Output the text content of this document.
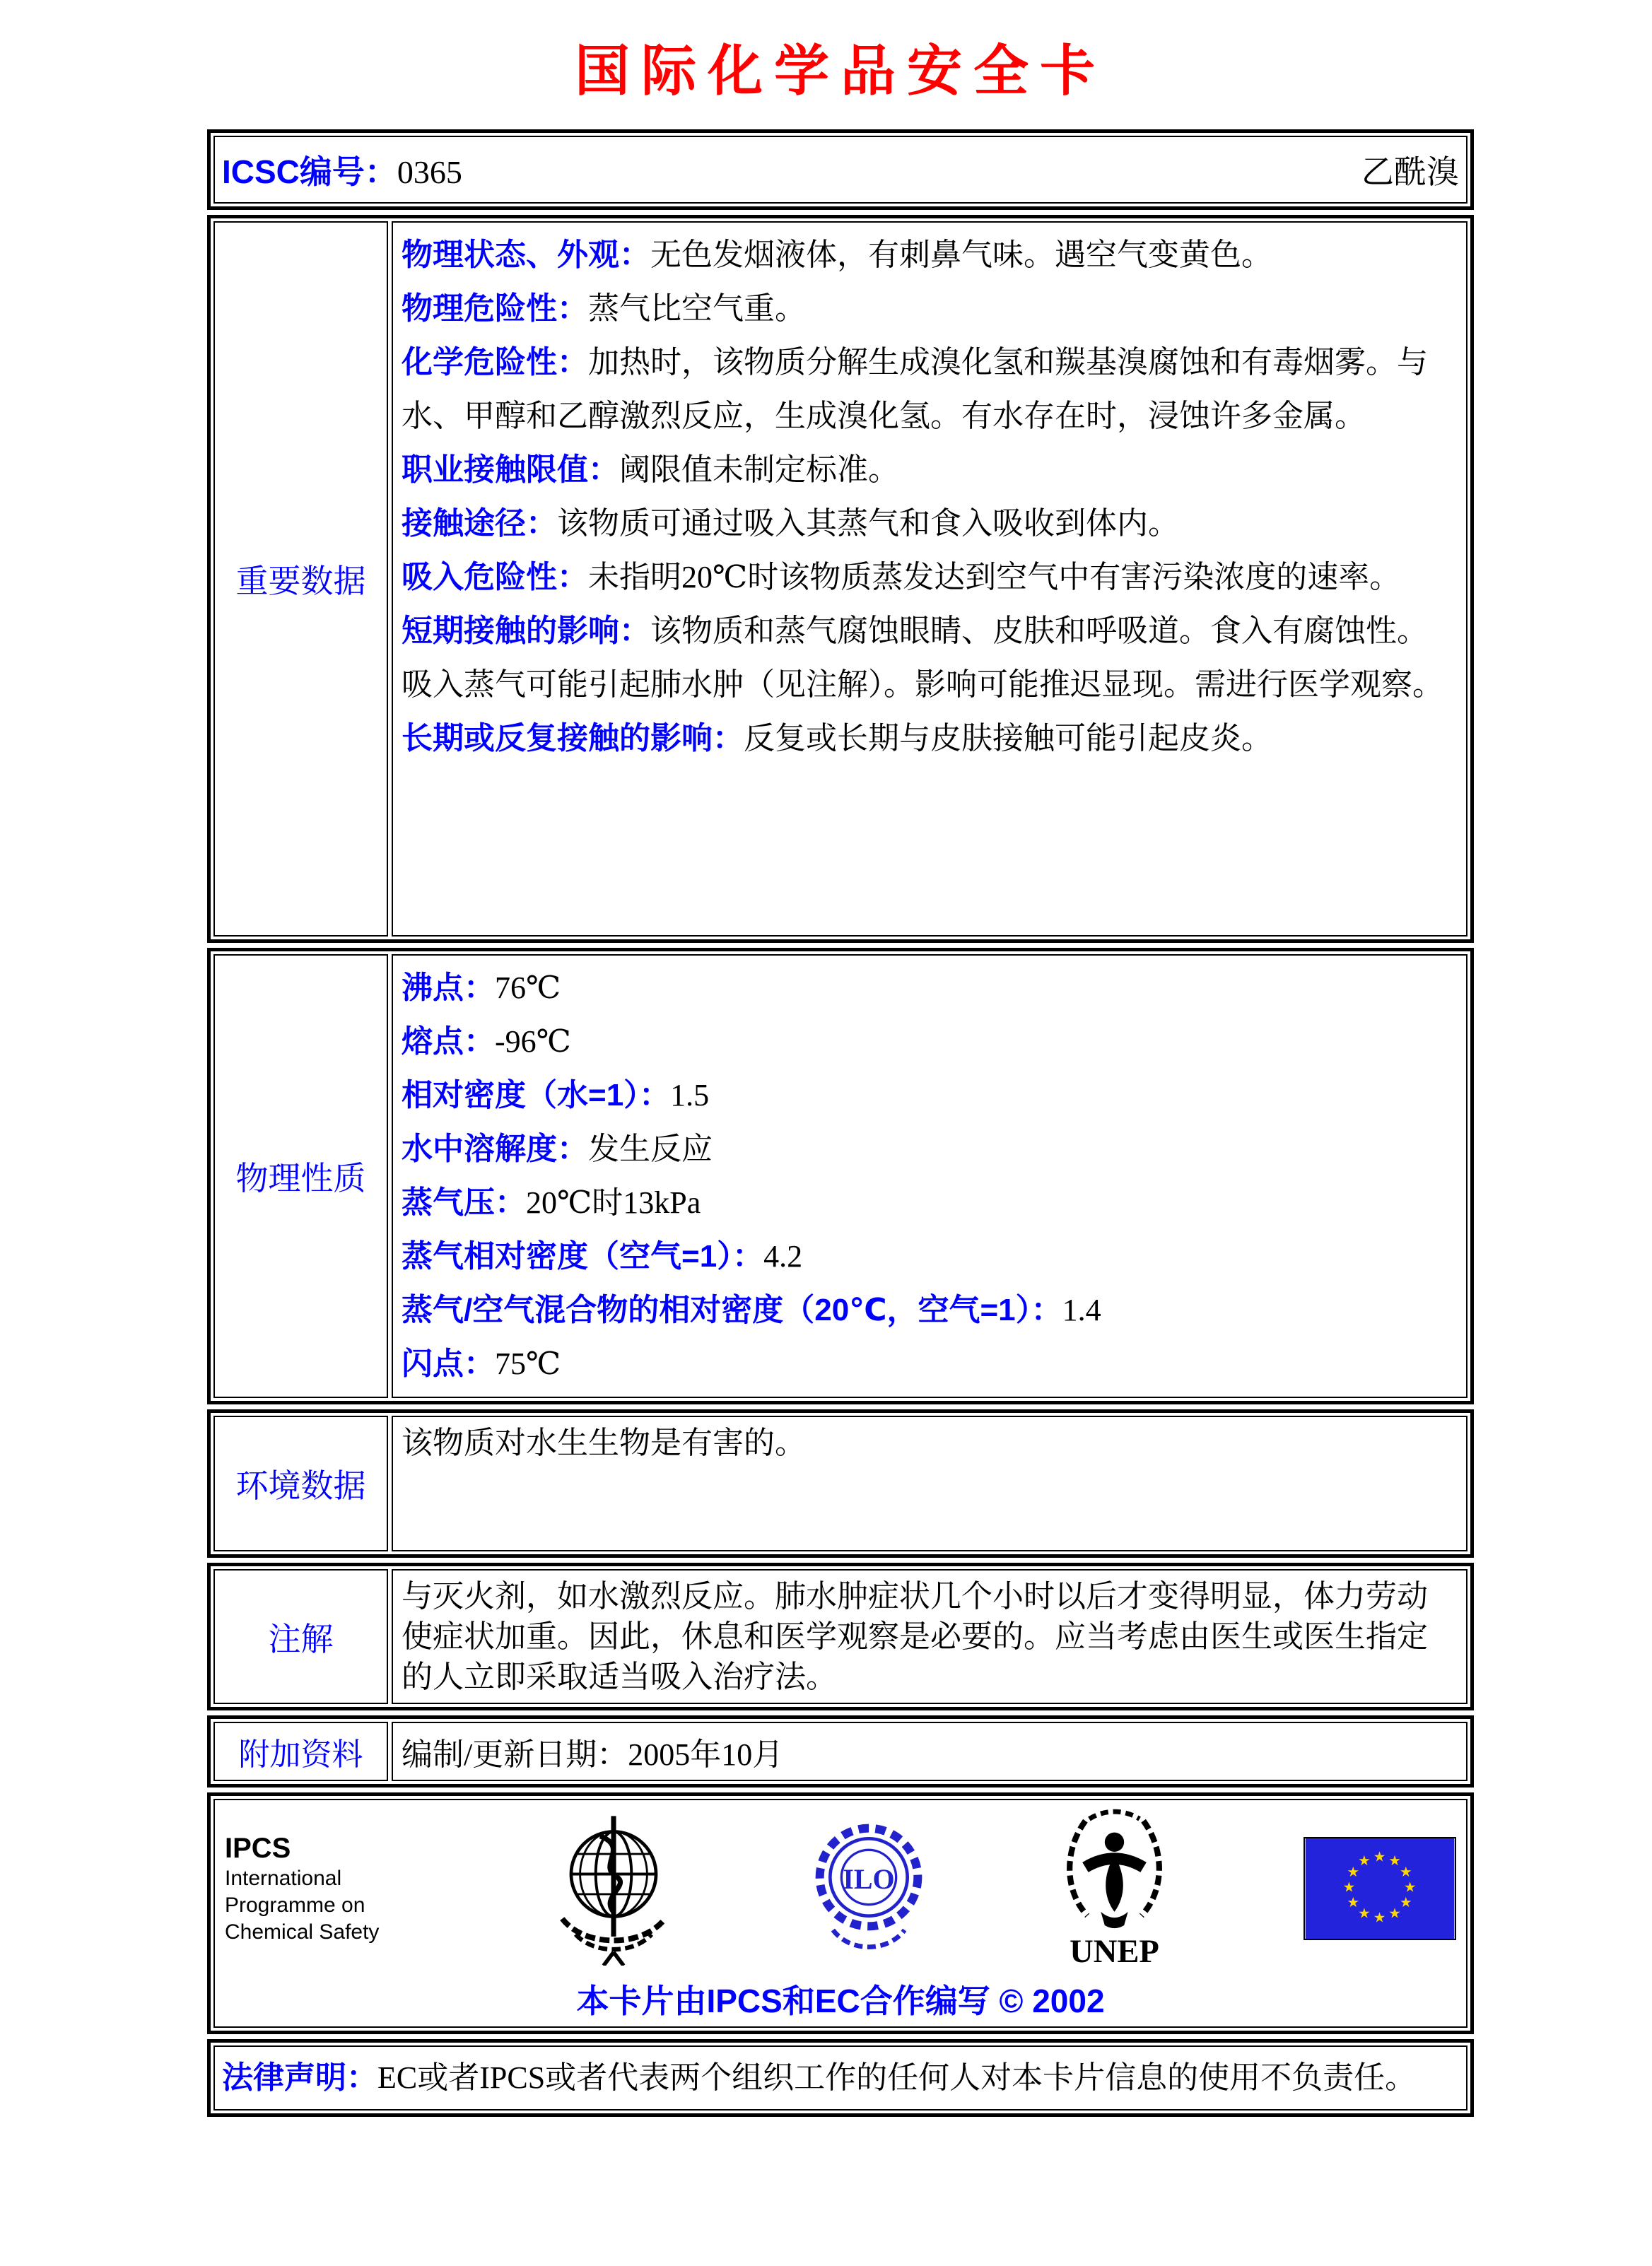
国际化学品安全卡
ICSC编号：0365	乙酰溴
重要数据

物理状态、外观：无色发烟液体，有刺鼻气味。遇空气变黄色。

物理危险性：蒸气比空气重。

化学危险性：加热时，该物质分解生成溴化氢和羰基溴腐蚀和有毒烟雾。与水、甲醇和乙醇激烈反应，生成溴化氢。有水存在时，浸蚀许多金属。

职业接触限值：阈限值未制定标准。

接触途径：该物质可通过吸入其蒸气和食入吸收到体内。

吸入危险性：未指明20℃时该物质蒸发达到空气中有害污染浓度的速率。

短期接触的影响：该物质和蒸气腐蚀眼睛、皮肤和呼吸道。食入有腐蚀性。吸入蒸气可能引起肺水肿（见注解）。影响可能推迟显现。需进行医学观察。

长期或反复接触的影响：反复或长期与皮肤接触可能引起皮炎。

物理性质

沸点：76℃

熔点：-96℃

相对密度（水=1）：1.5

水中溶解度：发生反应

蒸气压：20℃时13kPa

蒸气相对密度（空气=1）：4.2

蒸气/空气混合物的相对密度（20℃，空气=1）：1.4

闪点：75℃

环境数据
该物质对水生生物是有害的。
注解
与灭火剂，如水激烈反应。肺水肿症状几个小时以后才变得明显，体力劳动使症状加重。因此，休息和医学观察是必要的。应当考虑由医生或医生指定的人立即采取适当吸入治疗法。
附加资料	编制/更新日期：2005年10月
IPCS
International
Programme on
Chemical Safety
ILO
UNEP
★ ★
★
★
★
★
★
★
★
★
★
★
本卡片由IPCS和EC合作编写 © 2002
法律声明：EC或者IPCS或者代表两个组织工作的任何人对本卡片信息的使用不负责任。
